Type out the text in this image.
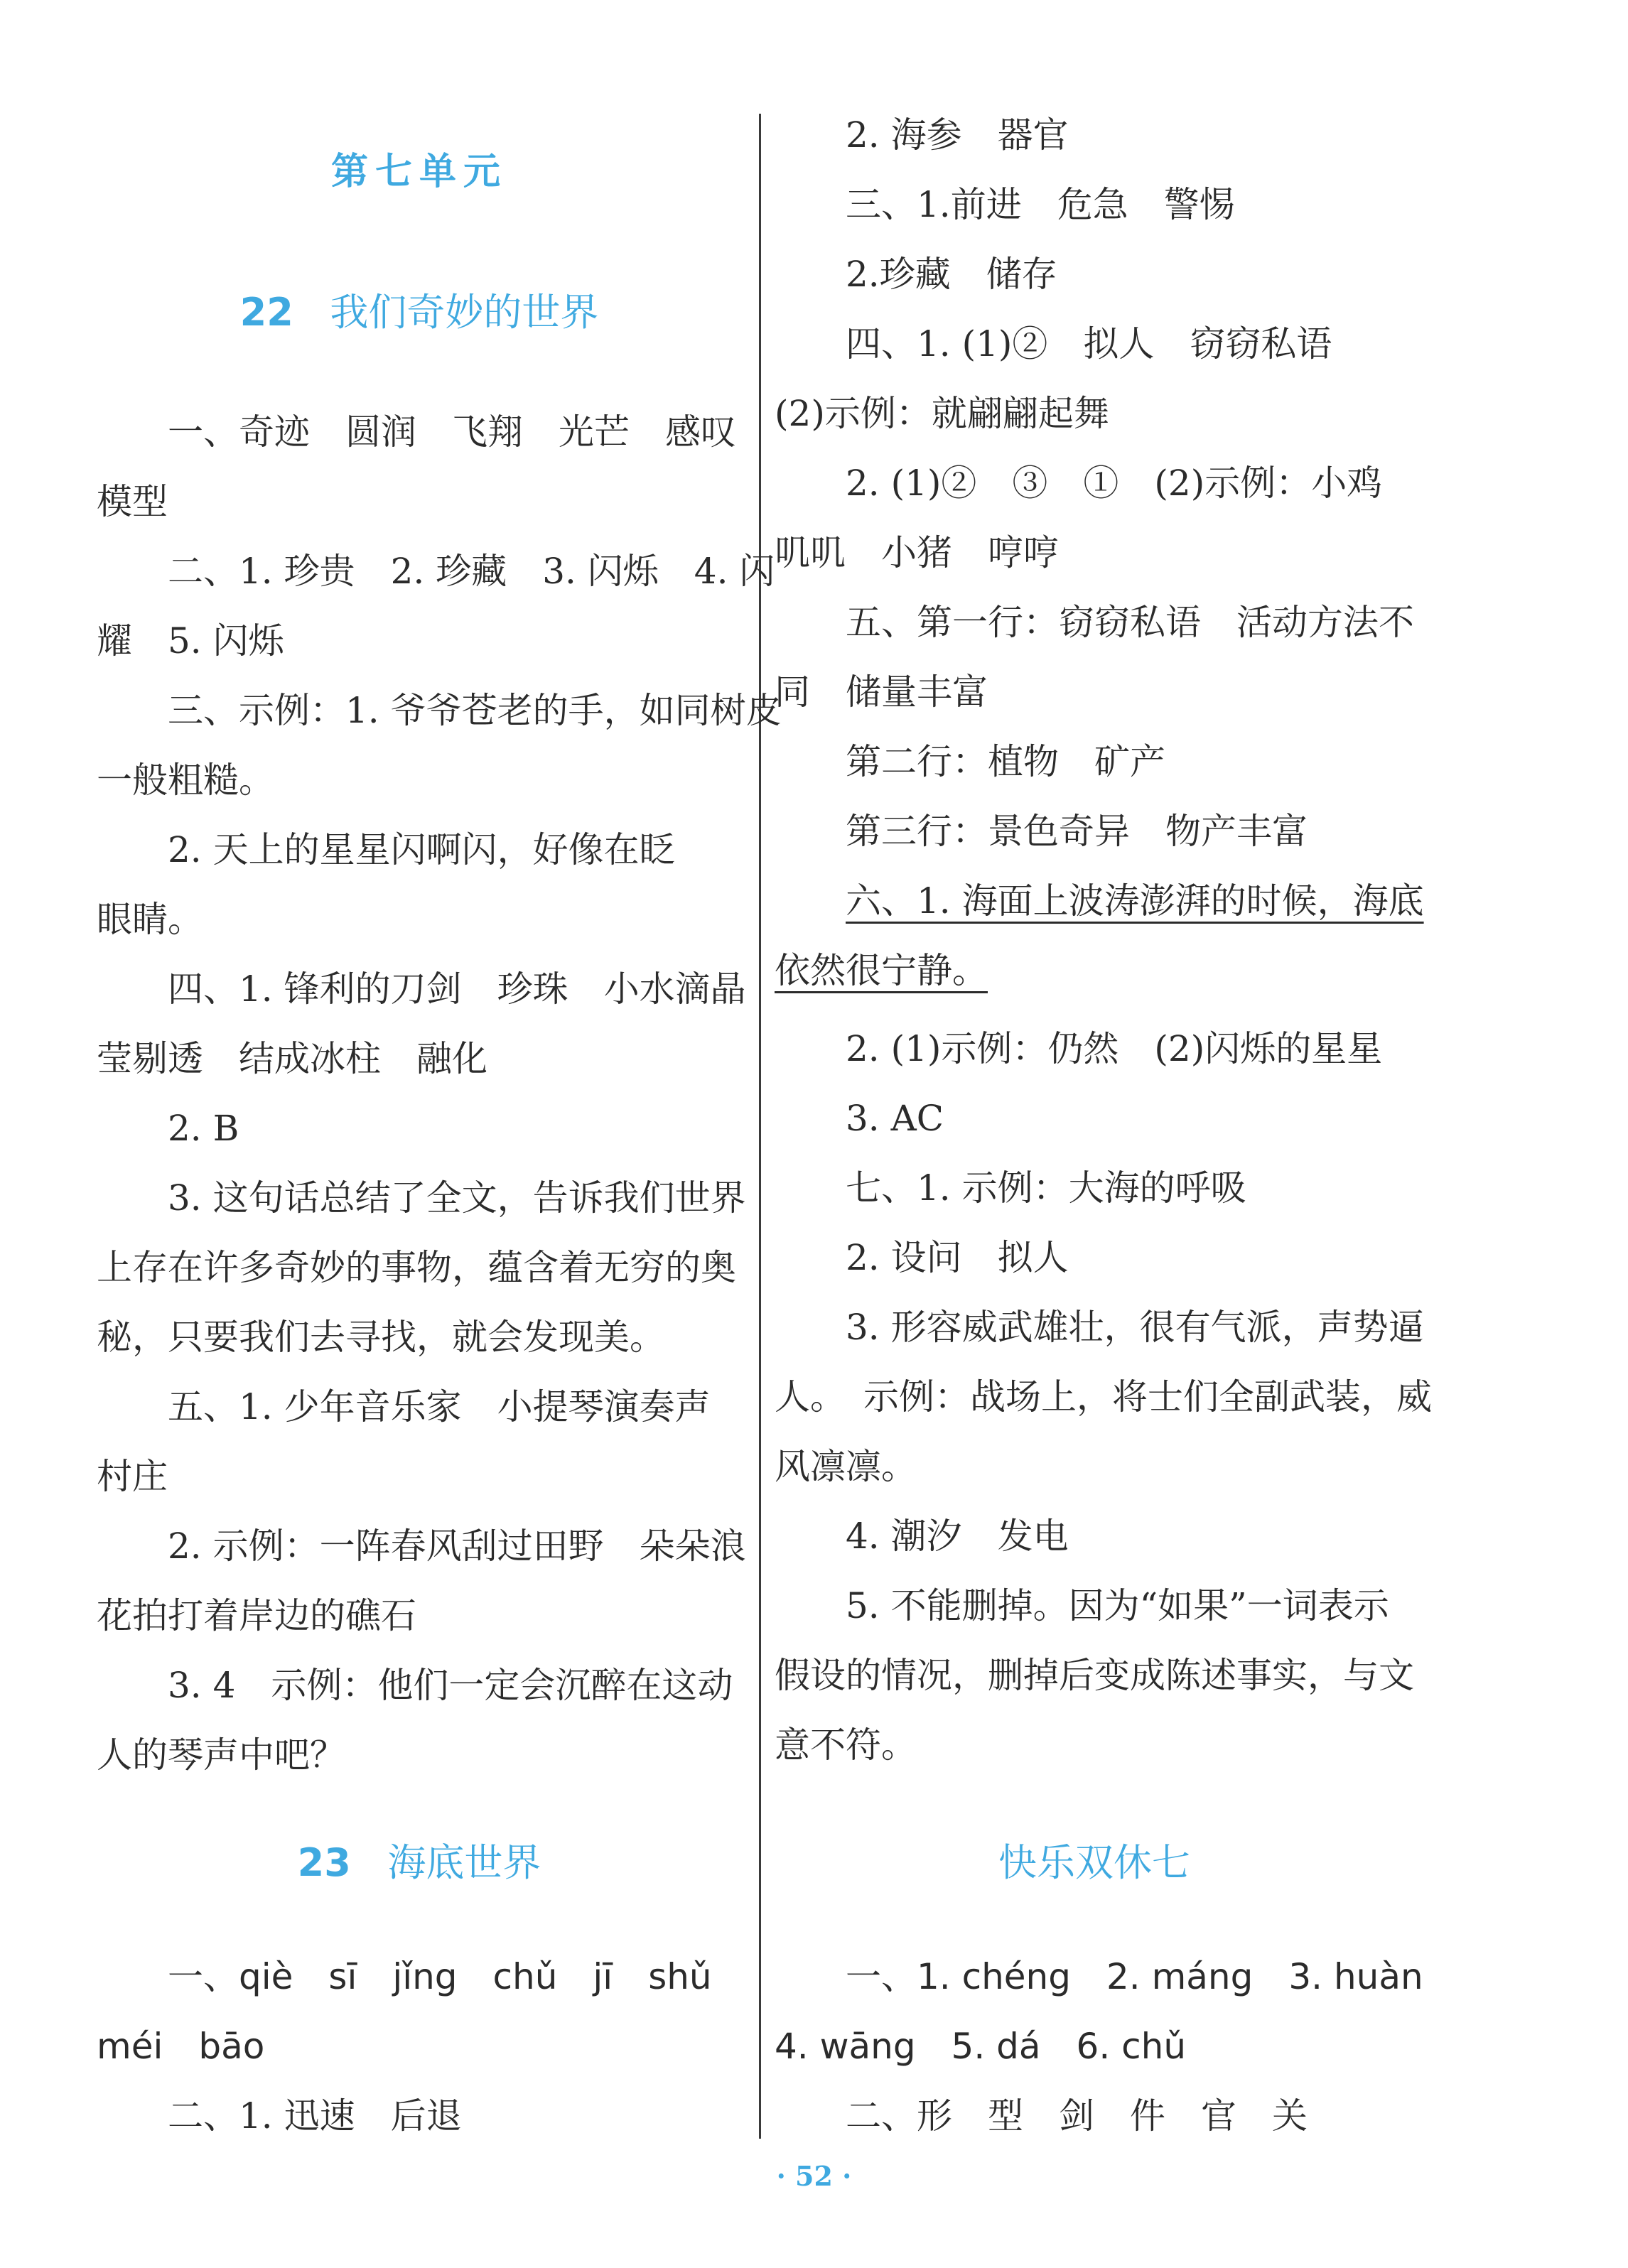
第七单元
22 我们奇妙的世界
一、奇迹　圆润　飞翔　光芒　感叹
模型
二、1. 珍贵　2. 珍藏　3. 闪烁　4. 闪
耀　5. 闪烁
三、示例：1. 爷爷苍老的手，如同树皮
一般粗糙。
2. 天上的星星闪啊闪，好像在眨
眼睛。
四、1. 锋利的刀剑　珍珠　小水滴晶
莹剔透　结成冰柱　融化
2. B
3. 这句话总结了全文，告诉我们世界
上存在许多奇妙的事物，蕴含着无穷的奥
秘，只要我们去寻找，就会发现美。
五、1. 少年音乐家　小提琴演奏声
村庄
2. 示例：一阵春风刮过田野　朵朵浪
花拍打着岸边的礁石
3. 4　示例：他们一定会沉醉在这动
人的琴声中吧？
23 海底世界
一、qiè　sī　jǐng　chǔ　jī　shǔ
méi　bāo
二、1. 迅速　后退
2. 海参　器官
三、1.前进　危急　警惕
2.珍藏　储存
四、1. (1)②　拟人　窃窃私语
(2)示例：就翩翩起舞
2. (1)②　③　①　(2)示例：小鸡
叽叽　小猪　哼哼
五、第一行：窃窃私语　活动方法不
同　储量丰富
第二行：植物　矿产
第三行：景色奇异　物产丰富
六、1. 海面上波涛澎湃的时候，海底
依然很宁静。
2. (1)示例：仍然　(2)闪烁的星星
3. AC
七、1. 示例：大海的呼吸
2. 设问　拟人
3. 形容威武雄壮，很有气派，声势逼
人。　示例：战场上，将士们全副武装，威
风凛凛。
4. 潮汐　发电
5. 不能删掉。因为“如果”一词表示
假设的情况，删掉后变成陈述事实，与文
意不符。
快乐双休七
一、1. chéng　2. máng　3. huàn
4. wāng　5. dá　6. chǔ
二、形　型　剑　件　官　关
· 52 ·
